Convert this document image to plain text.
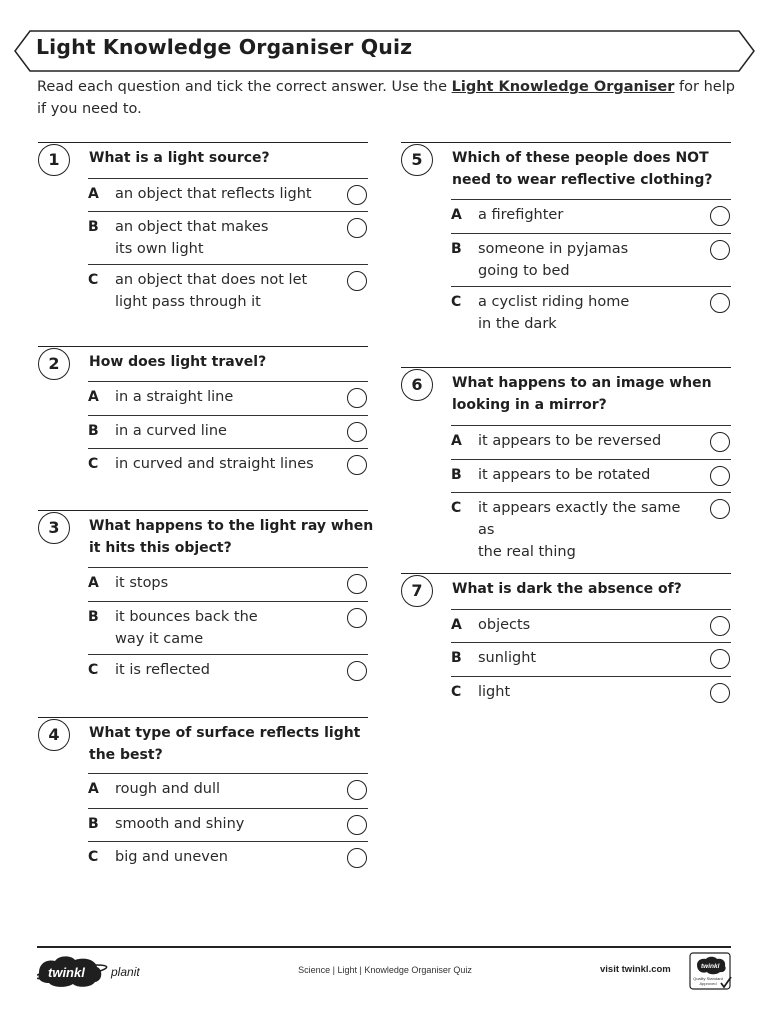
Light Knowledge Organiser Quiz
Read each question and tick the correct answer. Use the Light Knowledge Organiser for help if you need to.
1	What is a light source?
A an object that reflects light
B an object that makes
its own light
C an object that does not let
light pass through it
2	How does light travel?
A in a straight line
B in a curved line
C in curved and straight lines
3	What happens to the light ray when it hits this object?
A it stops
B it bounces back the
way it came
C it is reflected
4	What type of surface reflects light the best?
A rough and dull
B smooth and shiny
C big and uneven
5	Which of these people does NOT need to wear reflective clothing?
A a firefighter
B someone in pyjamas
going to bed
C a cyclist riding home
in the dark
6	What happens to an image when looking in a mirror?
A it appears to be reversed
B it appears to be rotated
C it appears exactly the same as
the real thing
7	What is dark the absence of?
A objects
B sunlight
C light
twinkl planit	Science | Light | Knowledge Organiser Quiz	visit twinkl.com	twinkl
Quality Standard Approved
